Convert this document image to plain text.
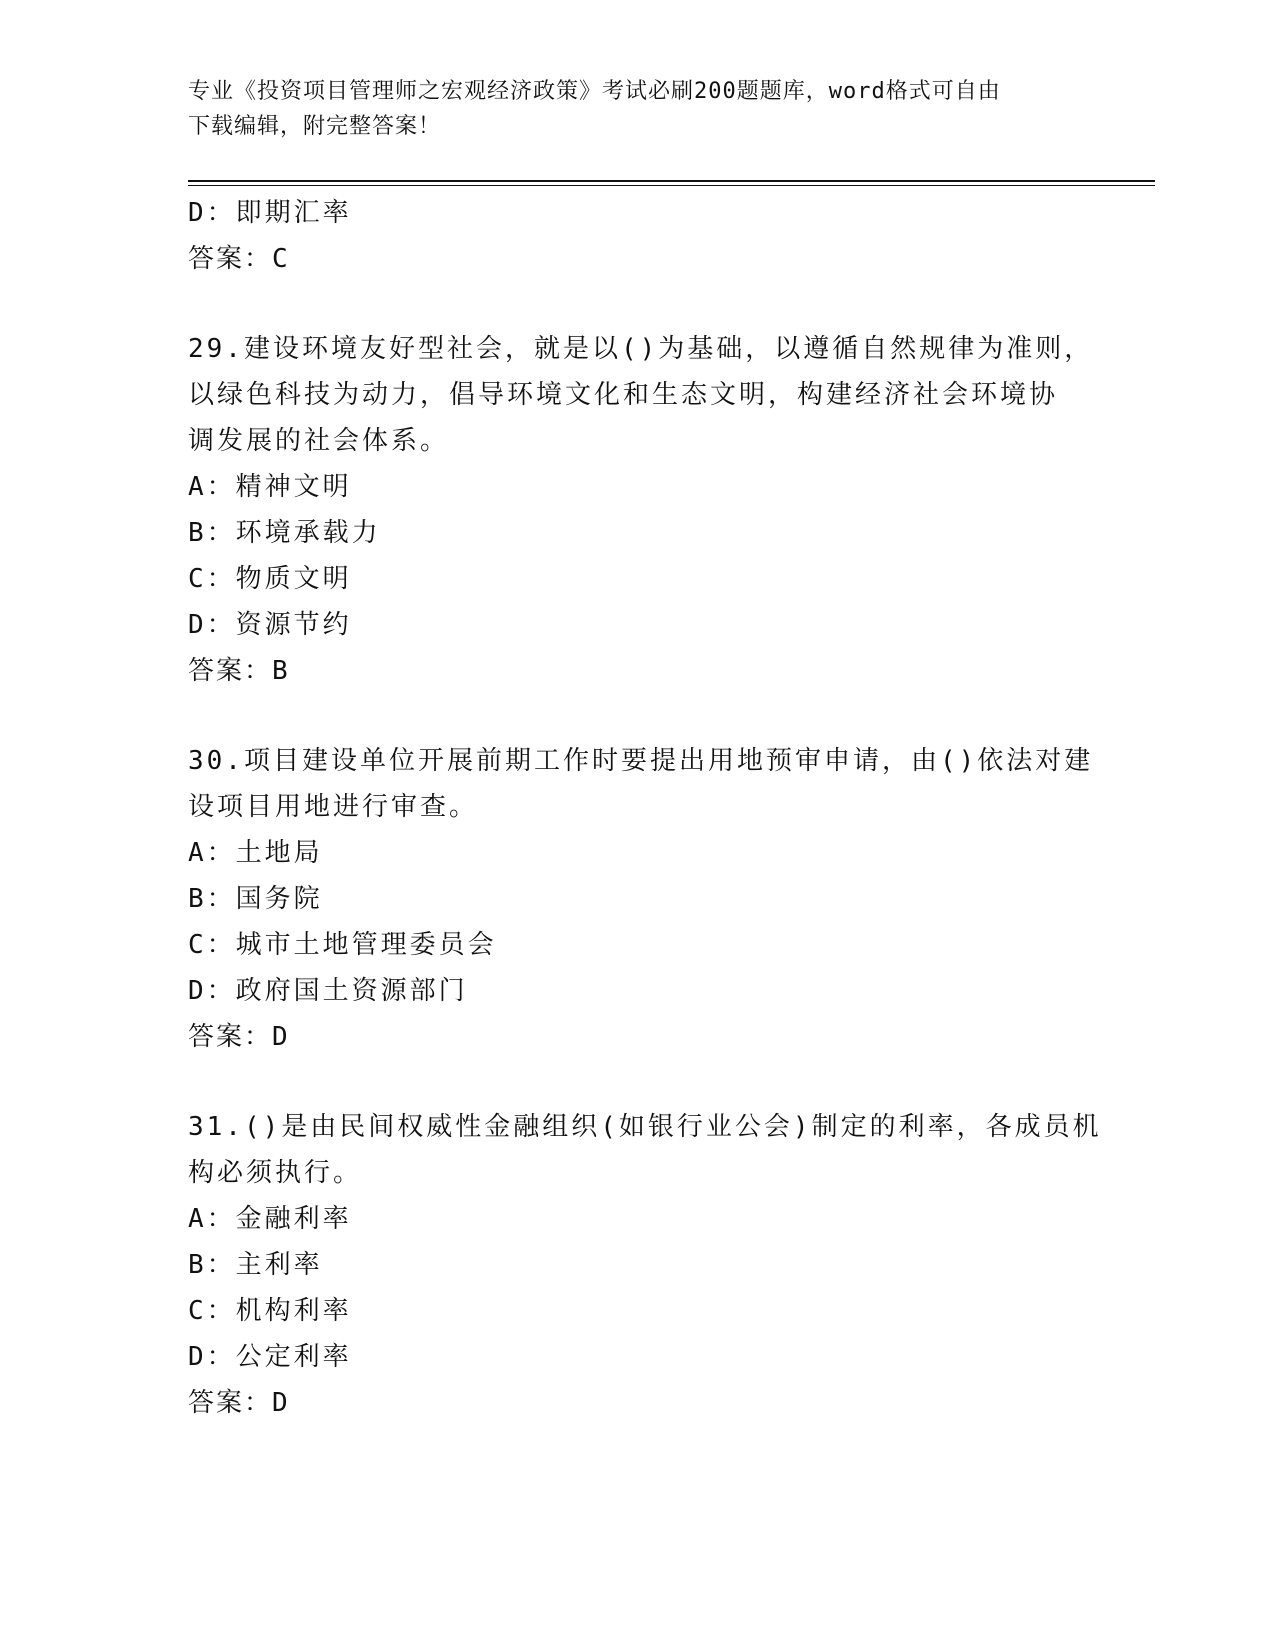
专业《投资项目管理师之宏观经济政策》考试必刷200题题库，word格式可自由
下载编辑，附完整答案！
D：即期汇率
答案：C
29.建设环境友好型社会，就是以()为基础，以遵循自然规律为准则，
以绿色科技为动力，倡导环境文化和生态文明，构建经济社会环境协
调发展的社会体系。
A：精神文明
B：环境承载力
C：物质文明
D：资源节约
答案：B
30.项目建设单位开展前期工作时要提出用地预审申请，由()依法对建
设项目用地进行审查。
A：土地局
B：国务院
C：城市土地管理委员会
D：政府国土资源部门
答案：D
31.()是由民间权威性金融组织(如银行业公会)制定的利率，各成员机
构必须执行。
A：金融利率
B：主利率
C：机构利率
D：公定利率
答案：D
